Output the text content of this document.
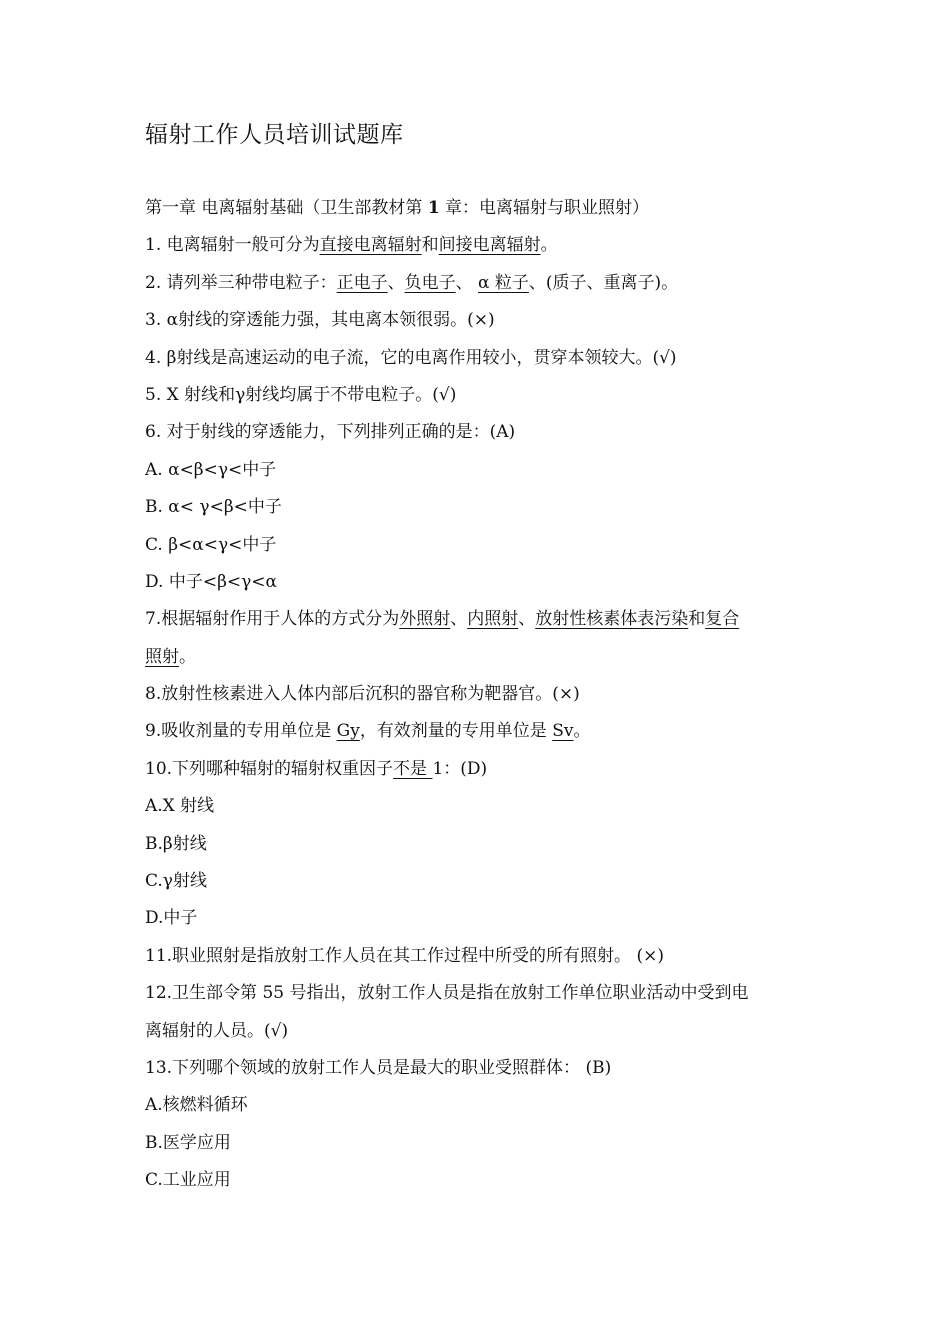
辐射工作人员培训试题库
第一章 电离辐射基础（卫生部教材第 1 章：电离辐射与职业照射）
1. 电离辐射一般可分为直接电离辐射和间接电离辐射。
2. 请列举三种带电粒子：正电子、负电子、 α 粒子、(质子、重离子)。
3. α射线的穿透能力强，其电离本领很弱。(×)
4. β射线是高速运动的电子流，它的电离作用较小，贯穿本领较大。(√)
5. X 射线和γ射线均属于不带电粒子。(√)
6. 对于射线的穿透能力，下列排列正确的是：(A)
A. α<β<γ<中子
B. α< γ<β<中子
C. β<α<γ<中子
D. 中子<β<γ<α
7.根据辐射作用于人体的方式分为外照射、内照射、放射性核素体表污染和复合
照射。
8.放射性核素进入人体内部后沉积的器官称为靶器官。(×)
9.吸收剂量的专用单位是 Gy，有效剂量的专用单位是 Sv。
10.下列哪种辐射的辐射权重因子不是 1：(D)
A.X 射线
B.β射线
C.γ射线
D.中子
11.职业照射是指放射工作人员在其工作过程中所受的所有照射。 (×)
12.卫生部令第 55 号指出，放射工作人员是指在放射工作单位职业活动中受到电
离辐射的人员。(√)
13.下列哪个领域的放射工作人员是最大的职业受照群体： (B)
A.核燃料循环
B.医学应用
C.工业应用
